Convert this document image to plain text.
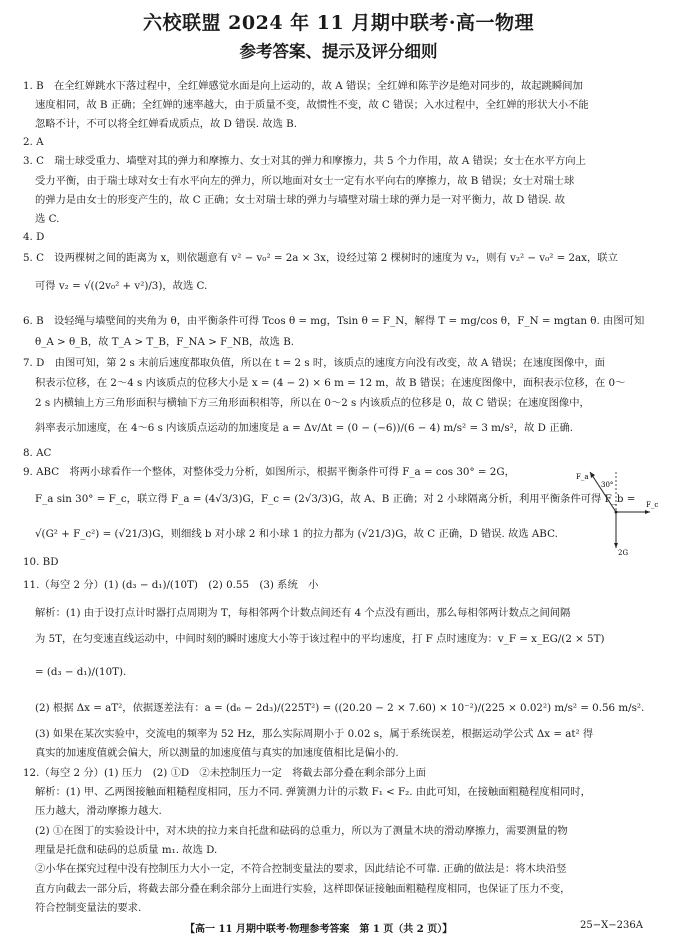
六校联盟 2024 年 11 月期中联考·高一物理
参考答案、提示及评分细则
1. B　在全红婵跳水下落过程中，全红婵感觉水面是向上运动的，故 A 错误；全红婵和陈芋汐是绝对同步的，故起跳瞬间加
速度相同，故 B 正确；全红婵的速率越大，由于质量不变，故惯性不变，故 C 错误；入水过程中，全红婵的形状大小不能
忽略不计，不可以将全红婵看成质点，故 D 错误. 故选 B.
2. A
3. C　瑞士球受重力、墙壁对其的弹力和摩擦力、女士对其的弹力和摩擦力，共 5 个力作用，故 A 错误；女士在水平方向上
受力平衡，由于瑞士球对女士有水平向左的弹力，所以地面对女士一定有水平向右的摩擦力，故 B 错误；女士对瑞士球
的弹力是由女士的形变产生的，故 C 正确；女士对瑞士球的弹力与墙壁对瑞士球的弹力是一对平衡力，故 D 错误. 故
选 C.
4. D
5. C　设两棵树之间的距离为 x，则依题意有 v² − v₀² = 2a × 3x，设经过第 2 棵树时的速度为 v₂，则有 v₂² − v₀² = 2ax，联立
可得 v₂ = √((2v₀² + v²)/3)，故选 C.
6. B　设轻绳与墙壁间的夹角为 θ，由平衡条件可得 Tcos θ = mg，Tsin θ = F_N，解得 T = mg/cos θ，F_N = mgtan θ. 由图可知
θ_A > θ_B，故 T_A > T_B，F_NA > F_NB，故选 B.
7. D　由图可知，第 2 s 末前后速度都取负值，所以在 t = 2 s 时，该质点的速度方向没有改变，故 A 错误；在速度图像中，面
积表示位移，在 2～4 s 内该质点的位移大小是 x = (4 − 2) × 6 m = 12 m，故 B 错误；在速度图像中，面积表示位移，在 0～
2 s 内横轴上方三角形面积与横轴下方三角形面积相等，所以在 0～2 s 内该质点的位移是 0，故 C 错误；在速度图像中，
斜率表示加速度，在 4～6 s 内该质点运动的加速度是 a = Δv/Δt = (0 − (−6))/(6 − 4) m/s² = 3 m/s²，故 D 正确.
8. AC
9. ABC　将两小球看作一个整体，对整体受力分析，如图所示，根据平衡条件可得 F_a = cos 30° = 2G，
F_a sin 30° = F_c，联立得 F_a = (4√3/3)G，F_c = (2√3/3)G，故 A、B 正确；对 2 小球隔离分析，利用平衡条件可得 F_b =
√(G² + F_c²) = (√21/3)G，则细线 b 对小球 2 和小球 1 的拉力都为 (√21/3)G，故 C 正确，D 错误. 故选 ABC.
10. BD
11.（每空 2 分）(1) (d₃ − d₁)/(10T)　(2) 0.55　(3) 系统　小
解析：(1) 由于设打点计时器打点周期为 T，每相邻两个计数点间还有 4 个点没有画出，那么每相邻两计数点之间间隔
为 5T，在匀变速直线运动中，中间时刻的瞬时速度大小等于该过程中的平均速度，打 F 点时速度为：v_F = x_EG/(2 × 5T)
= (d₃ − d₁)/(10T).
(2) 根据 Δx = aT²，依据逐差法有：a = (d₆ − 2d₃)/(225T²) = ((20.20 − 2 × 7.60) × 10⁻²)/(225 × 0.02²) m/s² = 0.56 m/s².
(3) 如果在某次实验中，交流电的频率为 52 Hz，那么实际周期小于 0.02 s，属于系统误差，根据运动学公式 Δx = at² 得
真实的加速度值就会偏大，所以测量的加速度值与真实的加速度值相比是偏小的.
12.（每空 2 分）(1) 压力　(2) ①D　②未控制压力一定　将截去部分叠在剩余部分上面
解析：(1) 甲、乙两图接触面粗糙程度相同，压力不同. 弹簧测力计的示数 F₁ < F₂. 由此可知，在接触面粗糙程度相同时，
压力越大，滑动摩擦力越大.
(2) ①在图丁的实验设计中，对木块的拉力来自托盘和砝码的总重力，所以为了测量木块的滑动摩擦力，需要测量的物
理量是托盘和砝码的总质量 m₁. 故选 D.
②小华在探究过程中没有控制压力大小一定，不符合控制变量法的要求，因此结论不可靠. 正确的做法是：将木块沿竖
直方向截去一部分后，将截去部分叠在剩余部分上面进行实验，这样即保证接触面粗糙程度相同，也保证了压力不变，
符合控制变量法的要求.
F_a
30°
F_c
2G
【高一 11 月期中联考·物理参考答案　第 1 页（共 2 页）】	25−X−236A
